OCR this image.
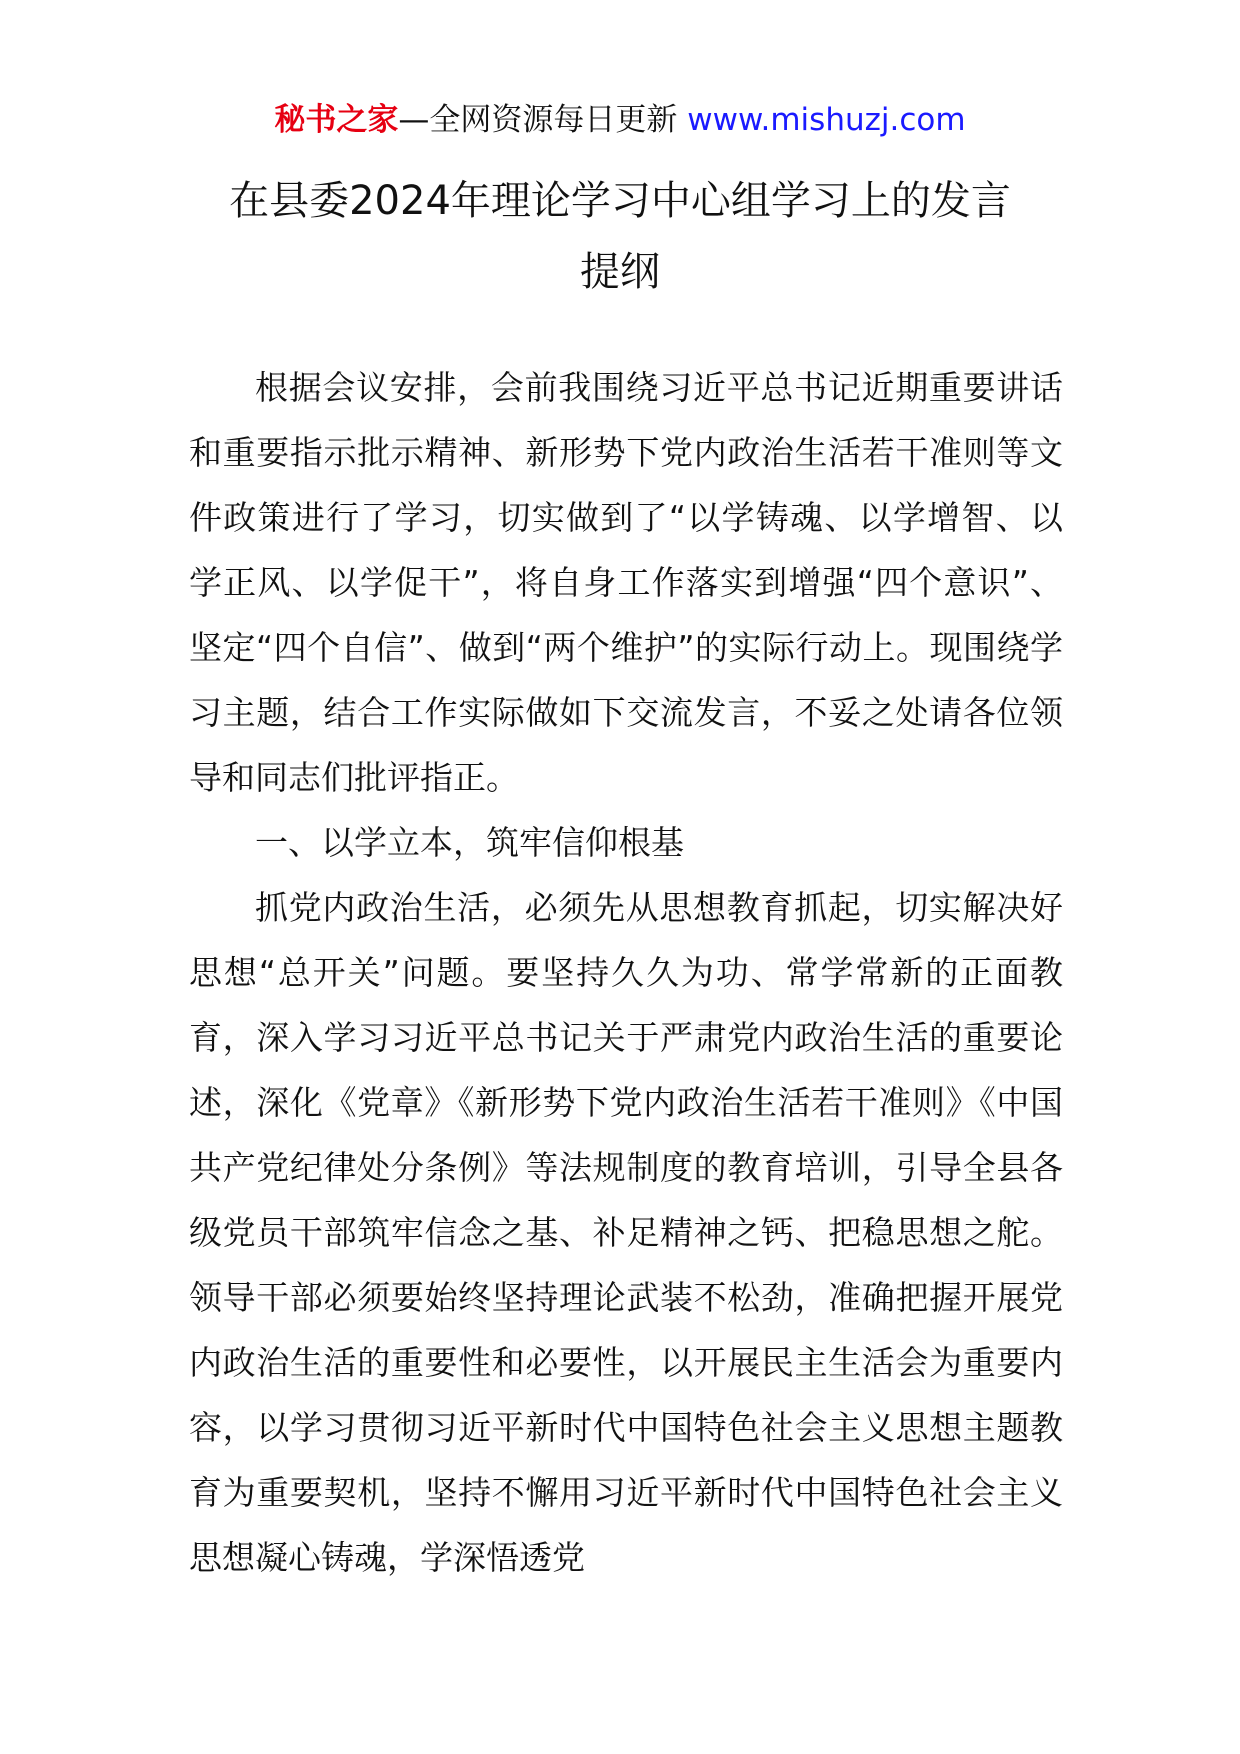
秘书之家—全网资源每日更新 www.mishuzj.com
在县委2024年理论学习中心组学习上的发言
提纲

根据会议安排，会前我围绕习近平总书记近期重要讲话和重要指示批示精神、新形势下党内政治生活若干准则等文件政策进行了学习，切实做到了“以学铸魂、以学增智、以学正风、以学促干”，将自身工作落实到增强“四个意识”、坚定“四个自信”、做到“两个维护”的实际行动上。现围绕学习主题，结合工作实际做如下交流发言，不妥之处请各位领导和同志们批评指正。

一、以学立本，筑牢信仰根基

抓党内政治生活，必须先从思想教育抓起，切实解决好思想“总开关”问题。要坚持久久为功、常学常新的正面教育，深入学习习近平总书记关于严肃党内政治生活的重要论述，深化《党章》《新形势下党内政治生活若干准则》《中国共产党纪律处分条例》等法规制度的教育培训，引导全县各级党员干部筑牢信念之基、补足精神之钙、把稳思想之舵。领导干部必须要始终坚持理论武装不松劲，准确把握开展党内政治生活的重要性和必要性，以开展民主生活会为重要内容，以学习贯彻习近平新时代中国特色社会主义思想主题教育为重要契机，坚持不懈用习近平新时代中国特色社会主义思想凝心铸魂，学深悟透党
